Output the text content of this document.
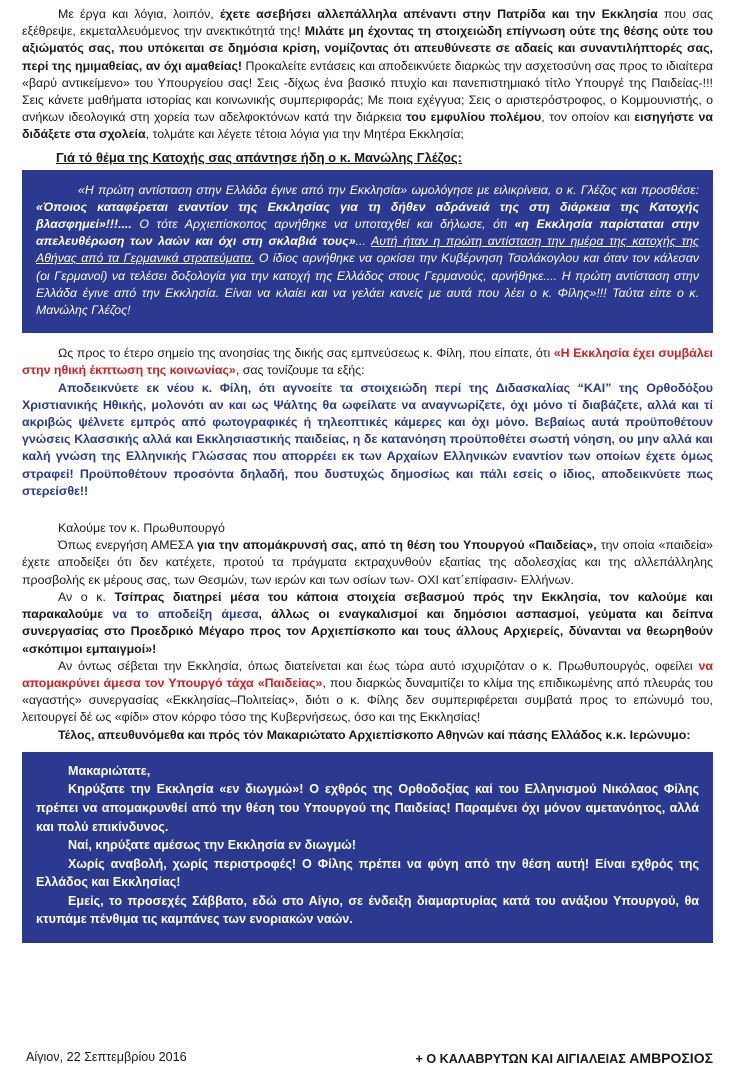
Με έργα και λόγια, λοιπόν, έχετε ασεβήσει αλλεπάλληλα απέναντι στην Πατρίδα και την Εκκλησία που σας εξέθρεψε, εκμεταλλευόμενος την ανεκτικότητά της! Μιλάτε μη έχοντας τη στοιχειώδη επίγνωση ούτε της θέσης ούτε του αξιώματός σας, που υπόκειται σε δημόσια κρίση, νομίζοντας ότι απευθύνεστε σε αδαείς και συναντιλήπτορές σας, περί της ημιμαθείας, αν όχι αμαθείας! Προκαλείτε εντάσεις και αποδεικνύετε διαρκώς την ασχετοσύνη σας προς το ιδιαίτερα «βαρύ αντικείμενο» του Υπουργείου σας! Σεις -δίχως ένα βασικό πτυχίο και πανεπιστημιακό τίτλο Υπουργέ της Παιδείας-!!! Σεις κάνετε μαθήματα ιστορίας και κοινωνικής συμπεριφοράς; Με ποια εχέγγυα; Σεις ο αριστερόστροφος, ο Κομμουνιστής, ο ανήκων ιδεολογικά στη χορεία των αδελφοκτόνων κατά την διάρκεια του εμφυλίου πολέμου, τον οποίον και εισηγήστε να διδάξετε στα σχολεία, τολμάτε και λέγετε τέτοια λόγια για την Μητέρα Εκκλησία;

Γιά τό θέμα της Κατοχής σας απάντησε ήδη ο κ. Μανώλης Γλέζος:

«Η πρώτη αντίσταση στην Ελλάδα έγινε από την Εκκλησία» ωμολόγησε με ειλικρίνεια, ο κ. Γλέζος και προσθέσε: «Όποιος καταφέρεται εναντίον της Εκκλησίας για τη δήθεν αδράνειά της στη διάρκεια της Κατοχής βλασφημεί»!!!.... Ο τότε Αρχιεπίσκοπος αρνήθηκε να υποταχθεί και δήλωσε, ότι «η Εκκλησία παρίσταται στην απελευθέρωση των λαών και όχι στη σκλαβιά τους»... Αυτή ήταν η πρώτη αντίσταση την ημέρα της κατοχής της Αθήνας από τα Γερμανικά στρατεύματα. Ο ίδιος αρνήθηκε να ορκίσει την Κυβέρνηση Τσολάκογλου και όταν τον κάλεσαν (οι Γερμανοί) να τελέσει δοξολογία για την κατοχή της Ελλάδος στους Γερμανούς, αρνήθηκε.... Η πρώτη αντίσταση στην Ελλάδα έγινε από την Εκκλησία. Είναι να κλαίει και να γελάει κανείς με αυτά που λέει ο κ. Φίλης»!!! Ταύτα είπε ο κ. Μανώλης Γλέζος!

Ως προς το έτερο σημείο της ανοησίας της δικής σας εμπνεύσεως κ. Φίλη, που είπατε, ότι «Η Εκκλησία έχει συμβάλει στην ηθική έκπτωση της κοινωνίας», σας τονίζουμε τα εξής:

Αποδεικνύετε εκ νέου κ. Φίλη, ότι αγνοείτε τα στοιχειώδη περί της Διδασκαλίας “ΚΑΙ” της Ορθοδόξου Χριστιανικής Ηθικής, μολονότι αν και ως Ψάλτης θα ωφείλατε να αναγνωρίζετε, όχι μόνο τί διαβάζετε, αλλά και τί ακριβώς ψέλνετε εμπρός από φωτογραφικές ή τηλεοπτικές κάμερες και όχι μόνο. Βεβαίως αυτά προϋποθέτουν γνώσεις Κλασσικής αλλά και Εκκλησιαστικής παιδείας, η δε κατανόηση προϋποθέτει σωστή νόηση, ου μην αλλά και καλή γνώση της Ελληνικής Γλώσσας που απορρέει εκ των Αρχαίων Ελληνικών εναντίον των οποίων έχετε όμως στραφεί! Προϋποθέτουν προσόντα δηλαδή, που δυστυχώς δημοσίως και πάλι εσείς ο ίδιος, αποδεικνύετε πως στερείσθε!!

Καλούμε τον κ. Πρωθυπουργό

Όπως ενεργήση ΑΜΕΣΑ για την απομάκρυνσή σας, από τη θέση του Υπουργού «Παιδείας», την οποία «παιδεία» έχετε αποδείξει ότι δεν κατέχετε, προτού τα πράγματα εκτραχυνθούν εξαιτίας της αδολεσχίας και της αλλεπάλληλης προσβολής εκ μέρους σας, των Θεσμών, των ιερών και των οσίων των- ΟΧΙ κατ΄επίφασιν- Ελλήνων.

Αν ο κ. Τσίπρας διατηρεί μέσα του κάποια στοιχεία σεβασμού πρός την Εκκλησία, τον καλούμε και παρακαλούμε να το αποδείξη άμεσα, άλλως οι εναγκαλισμοί και δημόσιοι ασπασμοί, γεύματα και δείπνα συνεργασίας στο Προεδρικό Μέγαρο προς τον Αρχιεπίσκοπο και τους άλλους Αρχιερείς, δύνανται να θεωρηθούν «σκόπιμοι εμπαιγμοί»!

Αν όντως σέβεται την Εκκλησία, όπως διατείνεται και έως τώρα αυτό ισχυριζόταν ο κ. Πρωθυπουργός, οφείλει να απομακρύνει άμεσα τον Υπουργό τάχα «Παιδείας», που διαρκώς δυναμιτίζει το κλίμα της επιδικωμένης από πλευράς του «αγαστής» συνεργασίας «Εκκλησίας–Πολιτείας», διότι ο κ. Φίλης δεν συμπεριφέρεται συμβατά προς το επώνυμό του, λειτουργεί δέ ως «φίδι» στον κόρφο τόσο της Κυβερνήσεως, όσο και της Εκκλησίας!

Τέλος, απευθυνόμεθα και πρός τόν Μακαριώτατο Αρχιεπίσκοπο Αθηνών καί πάσης Ελλάδος κ.κ. Ιερώνυμο:

Μακαριώτατε,

Κηρύξατε την Εκκλησία «εν διωγμώ»! Ο εχθρός της Ορθοδοξίας καί του Ελληνισμού Νικόλαος Φίλης πρέπει να απομακρυνθεί από την θέση του Υπουργού της Παιδείας! Παραμένει όχι μόνον αμετανόητος, αλλά και πολύ επικίνδυνος.

Ναί, κηρύξατε αμέσως την Εκκλησία εν διωγμώ!

Χωρίς αναβολή, χωρίς περιστροφές! Ο Φίλης πρέπει να φύγη από την θέση αυτή! Είναι εχθρός της Ελλάδος και Εκκλησίας!

Εμείς, το προσεχές Σάββατο, εδώ στο Αίγιο, σε ένδειξη διαμαρτυρίας κατά του ανάξιου Υπουργού, θα κτυπάμε πένθιμα τις καμπάνες των ενοριακών ναών.

Αίγιον, 22 Σεπτεμβρίου 2016	+ Ο ΚΑΛΑΒΡΥΤΩΝ ΚΑΙ ΑΙΓΙΑΛΕΙΑΣ ΑΜΒΡΟΣΙΟΣ
